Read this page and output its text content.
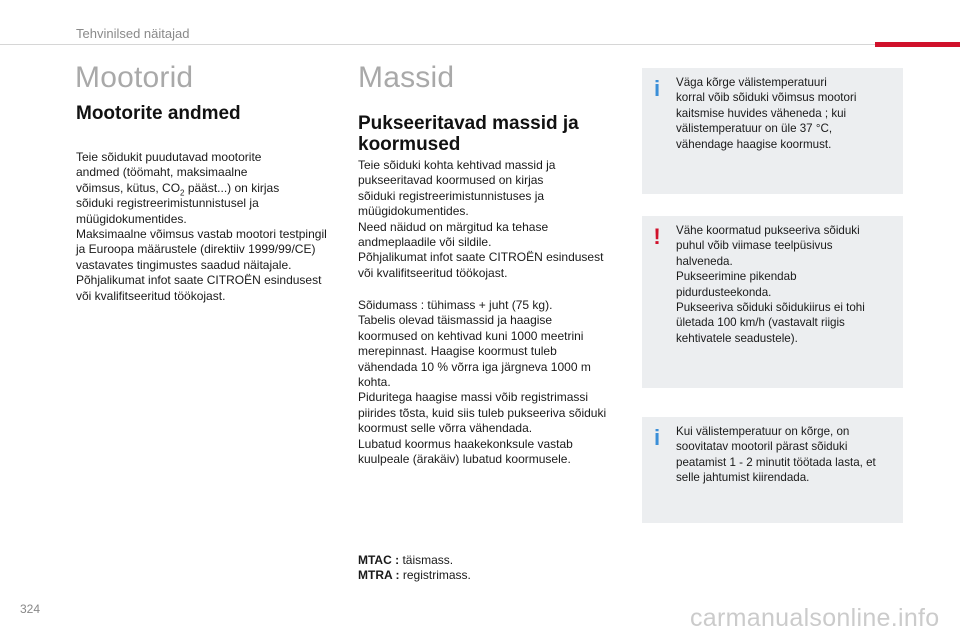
Tehvinilsed näitajad
Mootorid
Mootorite andmed
Teie sõidukit puudutavad mootorite
andmed (töömaht, maksimaalne
võimsus, kütus, $CO_2$ pääst...) on kirjas
sõiduki registreerimistunnistusel ja
müügidokumentides.
Maksimaalne võimsus vastab mootori testpingil
ja Euroopa määrustele (direktiiv 1999/99/CE)
vastavates tingimustes saadud näitajale.
Põhjalikumat infot saate CITROËN esindusest
või kvalifitseeritud töökojast.
Massid
Pukseeritavad massid ja
koormused
Teie sõiduki kohta kehtivad massid ja
pukseeritavad koormused on kirjas
sõiduki registreerimistunnistuses ja
müügidokumentides.
Need näidud on märgitud ka tehase
andmeplaadile või sildile.
Põhjalikumat infot saate CITROËN esindusest
või kvalifitseeritud töökojast.
Sõidumass : tühimass + juht (75 kg).
Tabelis olevad täismassid ja haagise
koormused on kehtivad kuni 1000 meetrini
merepinnast. Haagise koormust tuleb
vähendada 10 % võrra iga järgneva 1000 m
kohta.
Piduritega haagise massi võib registrimassi
piirides tõsta, kuid siis tuleb pukseeriva sõiduki
koormust selle võrra vähendada.
Lubatud koormus haakekonksule vastab
kuulpeale (ärakäiv) lubatud koormusele.
MTAC : täismass.
MTRA : registrimass.
i Väga kõrge välistemperatuuri
korral võib sõiduki võimsus mootori
kaitsmise huvides väheneda ; kui
välistemperatuur on üle 37 °C,
vähendage haagise koormust.
! Vähe koormatud pukseeriva sõiduki
puhul võib viimase teelpüsivus
halveneda.
Pukseerimine pikendab
pidurdusteekonda.
Pukseeriva sõiduki sõidukiirus ei tohi
ületada 100 km/h (vastavalt riigis
kehtivatele seadustele).
i Kui välistemperatuur on kõrge, on
soovitatav mootoril pärast sõiduki
peatamist 1 - 2 minutit töötada lasta, et
selle jahtumist kiirendada.
324	carmanualsonline.info
